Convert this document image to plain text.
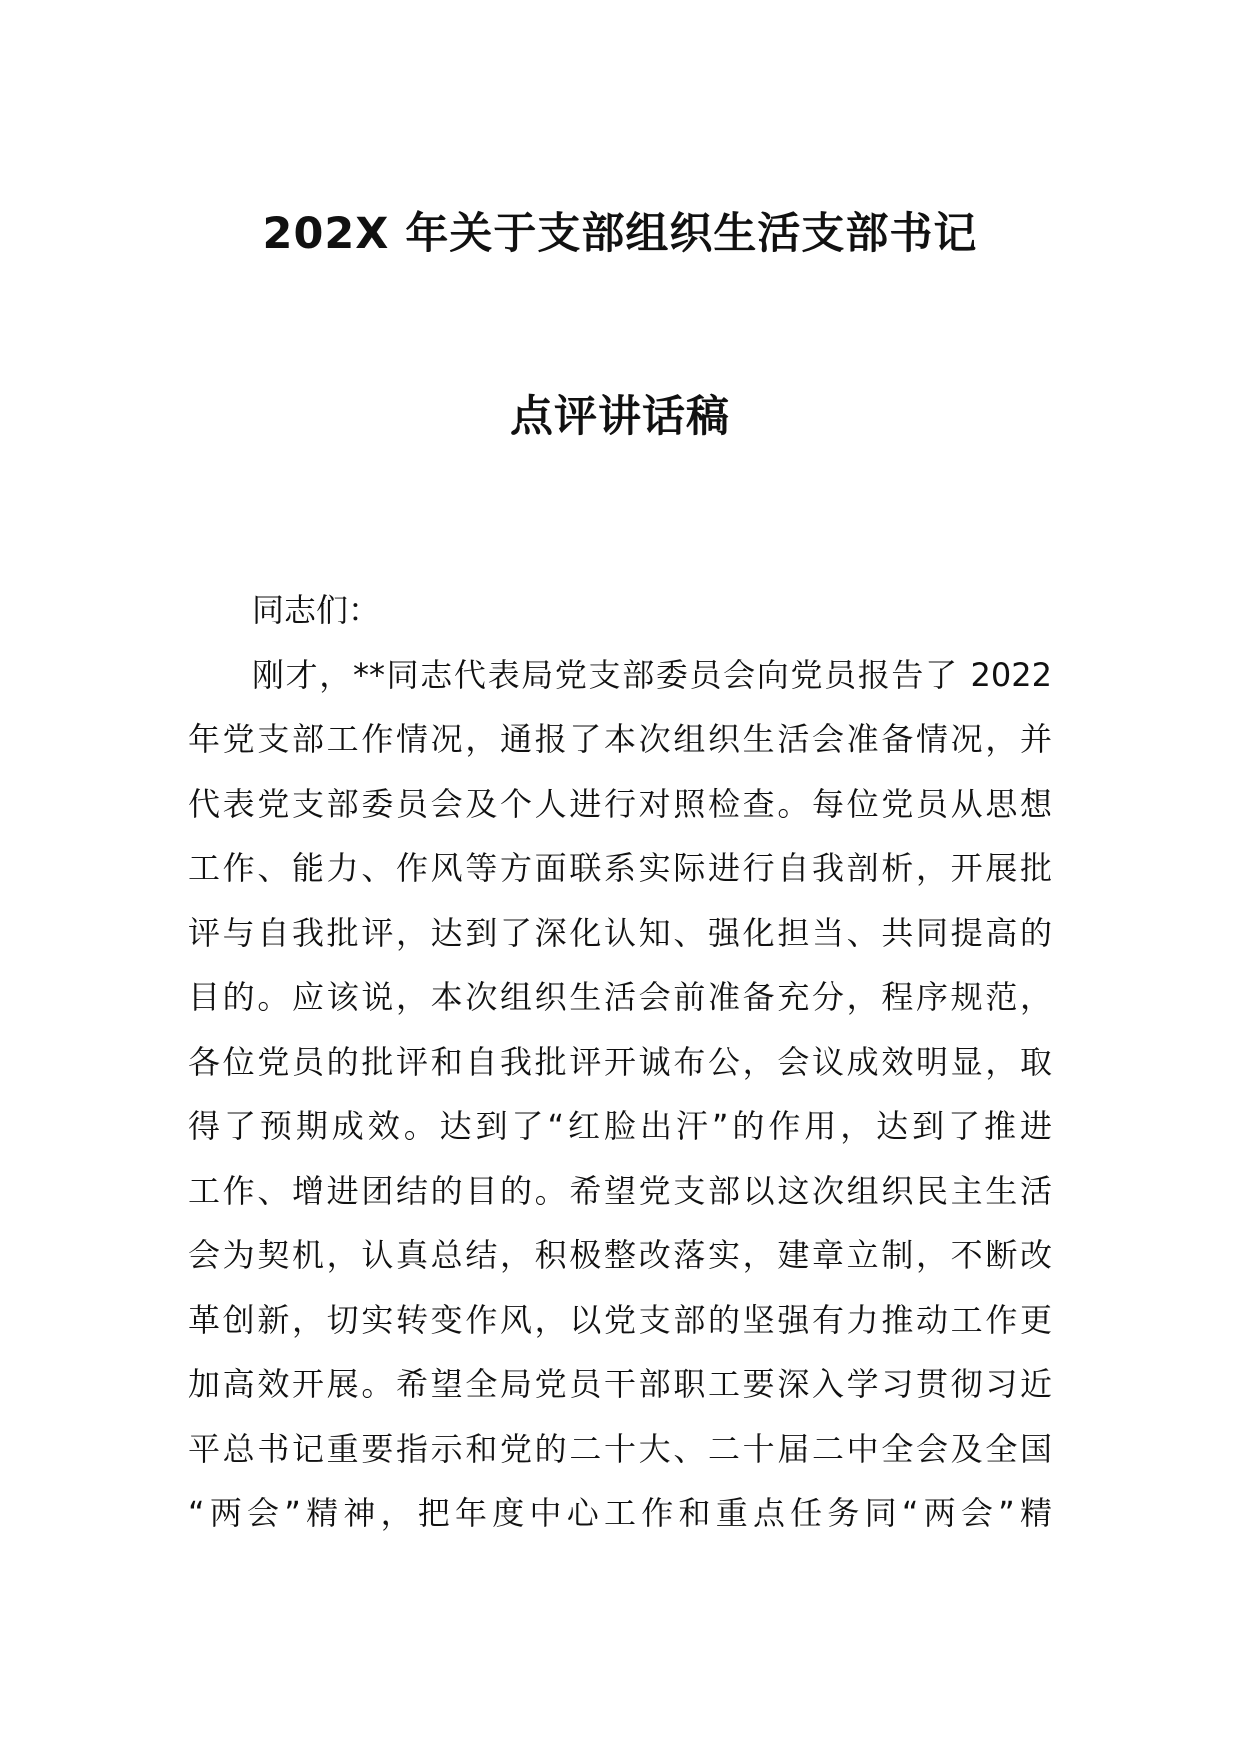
202X 年关于支部组织生活支部书记
点评讲话稿
同志们：
刚才，**同志代表局党支部委员会向党员报告了 2022
年党支部工作情况，通报了本次组织生活会准备情况，并
代表党支部委员会及个人进行对照检查。每位党员从思想
工作、能力、作风等方面联系实际进行自我剖析，开展批
评与自我批评，达到了深化认知、强化担当、共同提高的
目的。应该说，本次组织生活会前准备充分，程序规范，
各位党员的批评和自我批评开诚布公，会议成效明显，取
得了预期成效。达到了“红脸出汗”的作用，达到了推进
工作、增进团结的目的。希望党支部以这次组织民主生活
会为契机，认真总结，积极整改落实，建章立制，不断改
革创新，切实转变作风，以党支部的坚强有力推动工作更
加高效开展。希望全局党员干部职工要深入学习贯彻习近
平总书记重要指示和党的二十大、二十届二中全会及全国
“两会”精神，把年度中心工作和重点任务同“两会”精
